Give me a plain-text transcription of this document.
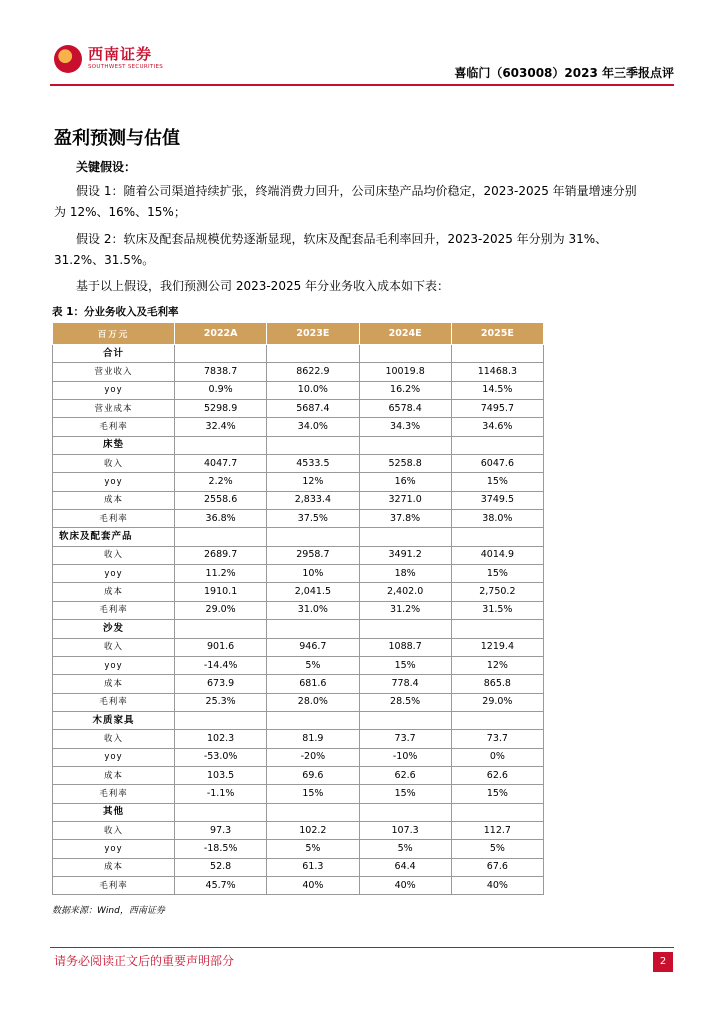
西南证券
SOUTHWEST SECURITIES	喜临门（603008）2023 年三季报点评
盈利预测与估值
关键假设：
假设 1：随着公司渠道持续扩张，终端消费力回升，公司床垫产品均价稳定，2023-2025 年销量增速分别为 12%、16%、15%；
假设 2：软床及配套品规模优势逐渐显现，软床及配套品毛利率回升，2023-2025 年分别为 31%、31.2%、31.5%。
基于以上假设，我们预测公司 2023-2025 年分业务收入成本如下表：
表 1：分业务收入及毛利率
百万元	2022A	2023E	2024E	2025E
合计				
营业收入	7838.7	8622.9	10019.8	11468.3
yoy	0.9%	10.0%	16.2%	14.5%
营业成本	5298.9	5687.4	6578.4	7495.7
毛利率	32.4%	34.0%	34.3%	34.6%
床垫				
收入	4047.7	4533.5	5258.8	6047.6
yoy	2.2%	12%	16%	15%
成本	2558.6	2,833.4	3271.0	3749.5
毛利率	36.8%	37.5%	37.8%	38.0%
软床及配套产品				
收入	2689.7	2958.7	3491.2	4014.9
yoy	11.2%	10%	18%	15%
成本	1910.1	2,041.5	2,402.0	2,750.2
毛利率	29.0%	31.0%	31.2%	31.5%
沙发				
收入	901.6	946.7	1088.7	1219.4
yoy	-14.4%	5%	15%	12%
成本	673.9	681.6	778.4	865.8
毛利率	25.3%	28.0%	28.5%	29.0%
木质家具				
收入	102.3	81.9	73.7	73.7
yoy	-53.0%	-20%	-10%	0%
成本	103.5	69.6	62.6	62.6
毛利率	-1.1%	15%	15%	15%
其他				
收入	97.3	102.2	107.3	112.7
yoy	-18.5%	5%	5%	5%
成本	52.8	61.3	64.4	67.6
毛利率	45.7%	40%	40%	40%
数据来源：Wind，西南证券
请务必阅读正文后的重要声明部分	2
